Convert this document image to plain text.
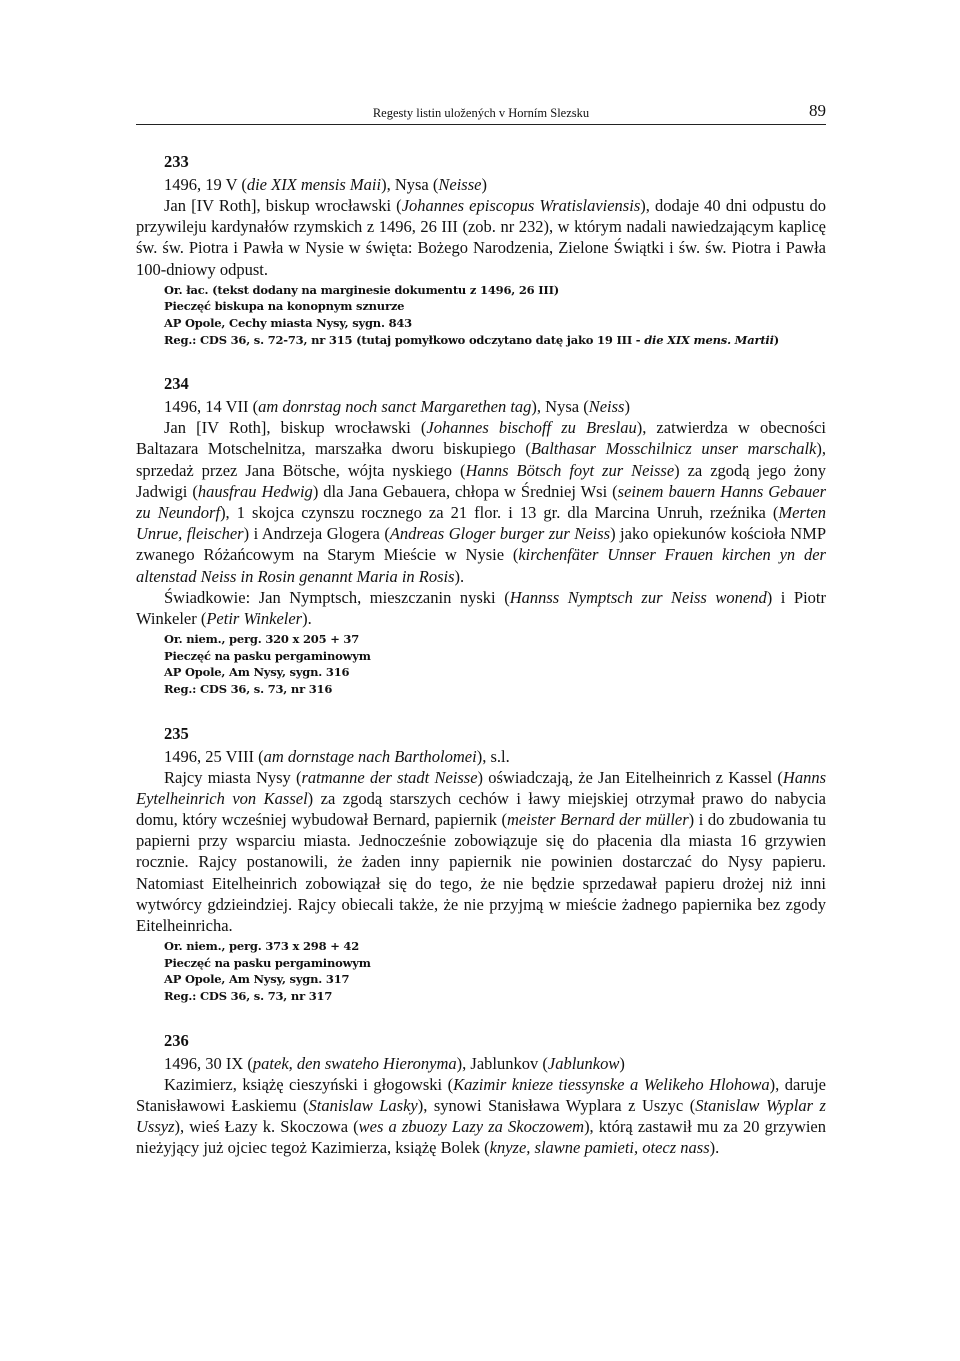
Regesty listin uložených v Horním Slezsku	89
233
1496, 19 V (die XIX mensis Maii), Nysa (Neisse)

Jan [IV Roth], biskup wrocławski (Johannes episcopus Wratislaviensis), dodaje 40 dni odpustu do przywileju kardynałów rzymskich z 1496, 26 III (zob. nr 232), w którym nadali nawiedzającym kaplicę św. św. Piotra i Pawła w Nysie w święta: Bożego Narodzenia, Zielone Świątki i św. św. Piotra i Pawła 100-dniowy odpust.

Or. łac. (tekst dodany na marginesie dokumentu z 1496, 26 III)
Pieczęć biskupa na konopnym sznurze
AP Opole, Cechy miasta Nysy, sygn. 843
Reg.: CDS 36, s. 72-73, nr 315 (tutaj pomyłkowo odczytano datę jako 19 III - die XIX mens. Martii)
234
1496, 14 VII (am donrstag noch sanct Margarethen tag), Nysa (Neiss)

Jan [IV Roth], biskup wrocławski (Johannes bischoff zu Breslau), zatwierdza w obecności Baltazara Motschelnitza, marszałka dworu biskupiego (Balthasar Mosschilnicz unser marschalk), sprzedaż przez Jana Bötsche, wójta nyskiego (Hanns Bötsch foyt zur Neisse) za zgodą jego żony Jadwigi (hausfrau Hedwig) dla Jana Gebauera, chłopa w Średniej Wsi (seinem bauern Hanns Gebauer zu Neundorf), 1 skojca czynszu rocznego za 21 flor. i 13 gr. dla Marcina Unruh, rzeźnika (Merten Unrue, fleischer) i Andrzeja Glogera (Andreas Gloger burger zur Neiss) jako opiekunów kościoła NMP zwanego Różańcowym na Starym Mieście w Nysie (kirchenfäter Unnser Frauen kirchen yn der altenstad Neiss in Rosin genannt Maria in Rosis).

Świadkowie: Jan Nymptsch, mieszczanin nyski (Hannss Nymptsch zur Neiss wonend) i Piotr Winkeler (Petir Winkeler).

Or. niem., perg. 320 x 205 + 37
Pieczęć na pasku pergaminowym
AP Opole, Am Nysy, sygn. 316
Reg.: CDS 36, s. 73, nr 316
235
1496, 25 VIII (am dornstage nach Bartholomei), s.l.

Rajcy miasta Nysy (ratmanne der stadt Neisse) oświadczają, że Jan Eitelheinrich z Kassel (Hanns Eytelheinrich von Kassel) za zgodą starszych cechów i ławy miejskiej otrzymał prawo do nabycia domu, który wcześniej wybudował Bernard, papiernik (meister Bernard der müller) i do zbudowania tu papierni przy wsparciu miasta. Jednocześnie zobowiązuje się do płacenia dla miasta 16 grzywien rocznie. Rajcy postanowili, że żaden inny papiernik nie powinien dostarczać do Nysy papieru. Natomiast Eitelheinrich zobowiązał się do tego, że nie będzie sprzedawał papieru drożej niż inni wytwórcy gdzieindziej. Rajcy obiecali także, że nie przyjmą w mieście żadnego papiernika bez zgody Eitelheinricha.

Or. niem., perg. 373 x 298 + 42
Pieczęć na pasku pergaminowym
AP Opole, Am Nysy, sygn. 317
Reg.: CDS 36, s. 73, nr 317
236
1496, 30 IX (patek, den swateho Hieronyma), Jablunkov (Jablunkow)

Kazimierz, książę cieszyński i głogowski (Kazimir knieze tiessynske a Welikeho Hlohowa), daruje Stanisławowi Łaskiemu (Stanislaw Lasky), synowi Stanisława Wyplara z Uszyc (Stanislaw Wyplar z Ussyz), wieś Łazy k. Skoczowa (wes a zbuozy Lazy za Skoczowem), którą zastawił mu za 20 grzywien nieżyjący już ojciec tegoż Kazimierza, książę Bolek (knyze, slawne pamieti, otecz nass).
